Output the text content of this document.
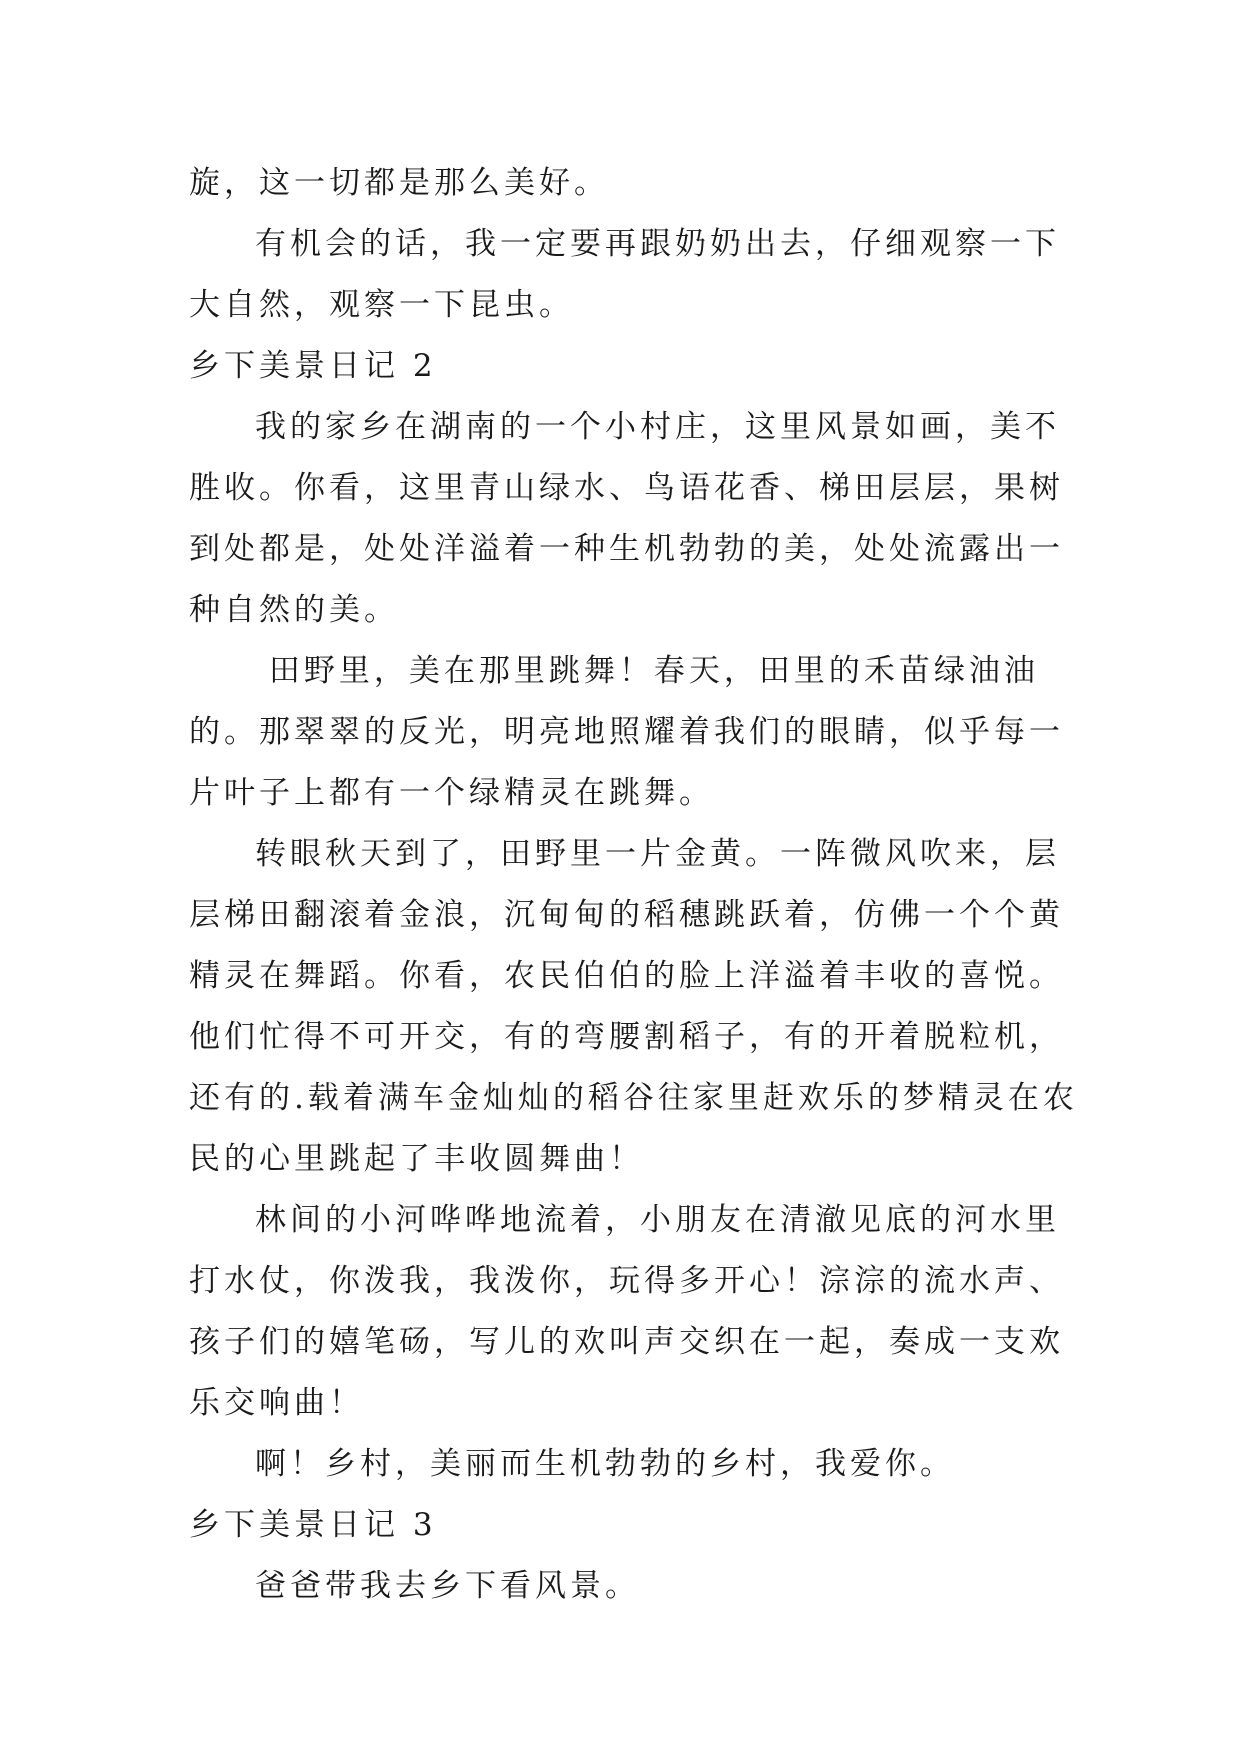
旋，这一切都是那么美好。

有机会的话，我一定要再跟奶奶出去，仔细观察一下大自然，观察一下昆虫。

乡下美景日记 2

我的家乡在湖南的一个小村庄，这里风景如画，美不胜收。你看，这里青山绿水、鸟语花香、梯田层层，果树到处都是，处处洋溢着一种生机勃勃的美，处处流露出一种自然的美。

田野里，美在那里跳舞！春天，田里的禾苗绿油油的。那翠翠的反光，明亮地照耀着我们的眼睛，似乎每一片叶子上都有一个绿精灵在跳舞。

转眼秋天到了，田野里一片金黄。一阵微风吹来，层层梯田翻滚着金浪，沉甸甸的稻穗跳跃着，仿佛一个个黄精灵在舞蹈。你看，农民伯伯的脸上洋溢着丰收的喜悦。他们忙得不可开交，有的弯腰割稻子，有的开着脱粒机，还有的.载着满车金灿灿的稻谷往家里赶欢乐的梦精灵在农民的心里跳起了丰收圆舞曲！

林间的小河哗哗地流着，小朋友在清澈见底的河水里打水仗，你泼我，我泼你，玩得多开心！淙淙的流水声、孩子们的嬉笔砀，写儿的欢叫声交织在一起，奏成一支欢乐交响曲！

啊！乡村，美丽而生机勃勃的乡村，我爱你。

乡下美景日记 3

爸爸带我去乡下看风景。
